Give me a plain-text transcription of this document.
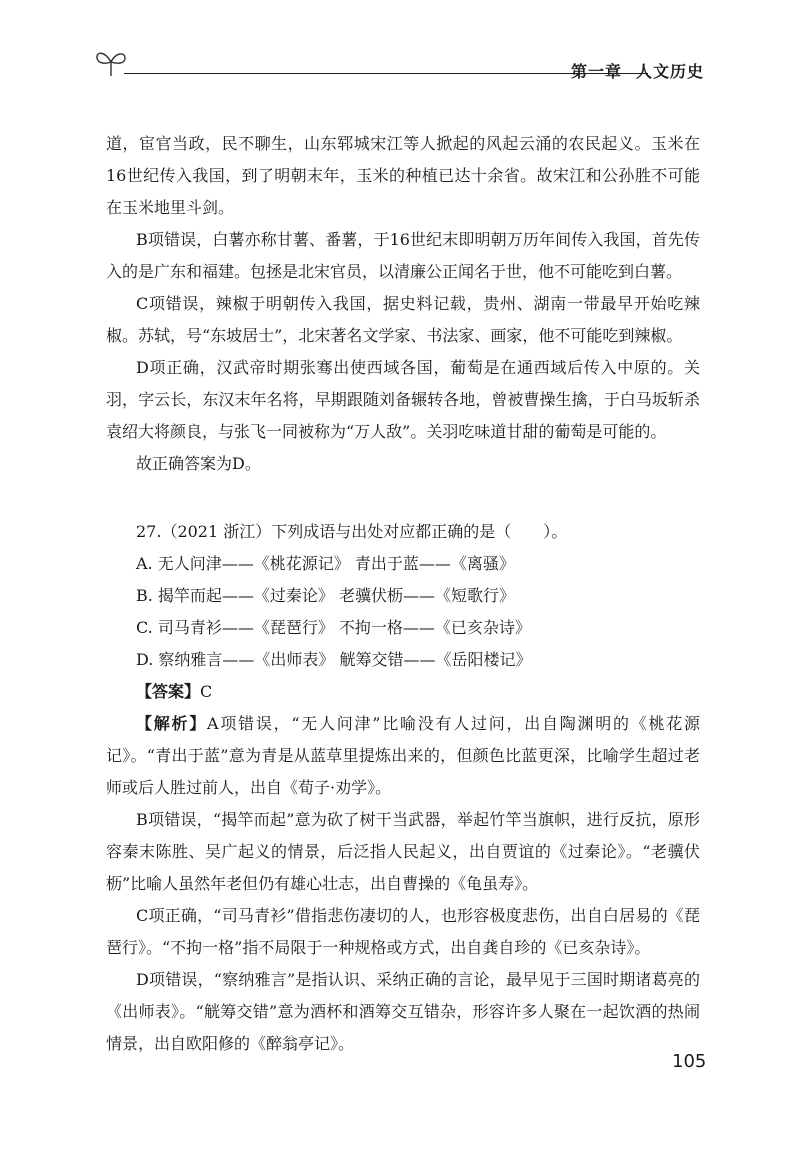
第一章 人文历史

道，宦官当政，民不聊生，山东郓城宋江等人掀起的风起云涌的农民起义。玉米在16世纪传入我国，到了明朝末年，玉米的种植已达十余省。故宋江和公孙胜不可能在玉米地里斗剑。

B项错误，白薯亦称甘薯、番薯，于16世纪末即明朝万历年间传入我国，首先传入的是广东和福建。包拯是北宋官员，以清廉公正闻名于世，他不可能吃到白薯。

C项错误，辣椒于明朝传入我国，据史料记载，贵州、湖南一带最早开始吃辣椒。苏轼，号“东坡居士”，北宋著名文学家、书法家、画家，他不可能吃到辣椒。

D项正确，汉武帝时期张骞出使西域各国，葡萄是在通西域后传入中原的。关羽，字云长，东汉末年名将，早期跟随刘备辗转各地，曾被曹操生擒，于白马坂斩杀袁绍大将颜良，与张飞一同被称为“万人敌”。关羽吃味道甘甜的葡萄是可能的。

故正确答案为D。

27.（2021 浙江）下列成语与出处对应都正确的是（　　）。

A. 无人问津——《桃花源记》 青出于蓝——《离骚》

B. 揭竿而起——《过秦论》 老骥伏枥——《短歌行》

C. 司马青衫——《琵琶行》 不拘一格——《已亥杂诗》

D. 察纳雅言——《出师表》 觥筹交错——《岳阳楼记》

【答案】C

【解析】A项错误，“无人问津”比喻没有人过问，出自陶渊明的《桃花源记》。“青出于蓝”意为青是从蓝草里提炼出来的，但颜色比蓝更深，比喻学生超过老师或后人胜过前人，出自《荀子·劝学》。

B项错误，“揭竿而起”意为砍了树干当武器，举起竹竿当旗帜，进行反抗，原形容秦末陈胜、吴广起义的情景，后泛指人民起义，出自贾谊的《过秦论》。“老骥伏枥”比喻人虽然年老但仍有雄心壮志，出自曹操的《龟虽寿》。

C项正确，“司马青衫”借指悲伤凄切的人，也形容极度悲伤，出自白居易的《琵琶行》。“不拘一格”指不局限于一种规格或方式，出自龚自珍的《已亥杂诗》。

D项错误，“察纳雅言”是指认识、采纳正确的言论，最早见于三国时期诸葛亮的《出师表》。“觥筹交错”意为酒杯和酒筹交互错杂，形容许多人聚在一起饮酒的热闹情景，出自欧阳修的《醉翁亭记》。

105
